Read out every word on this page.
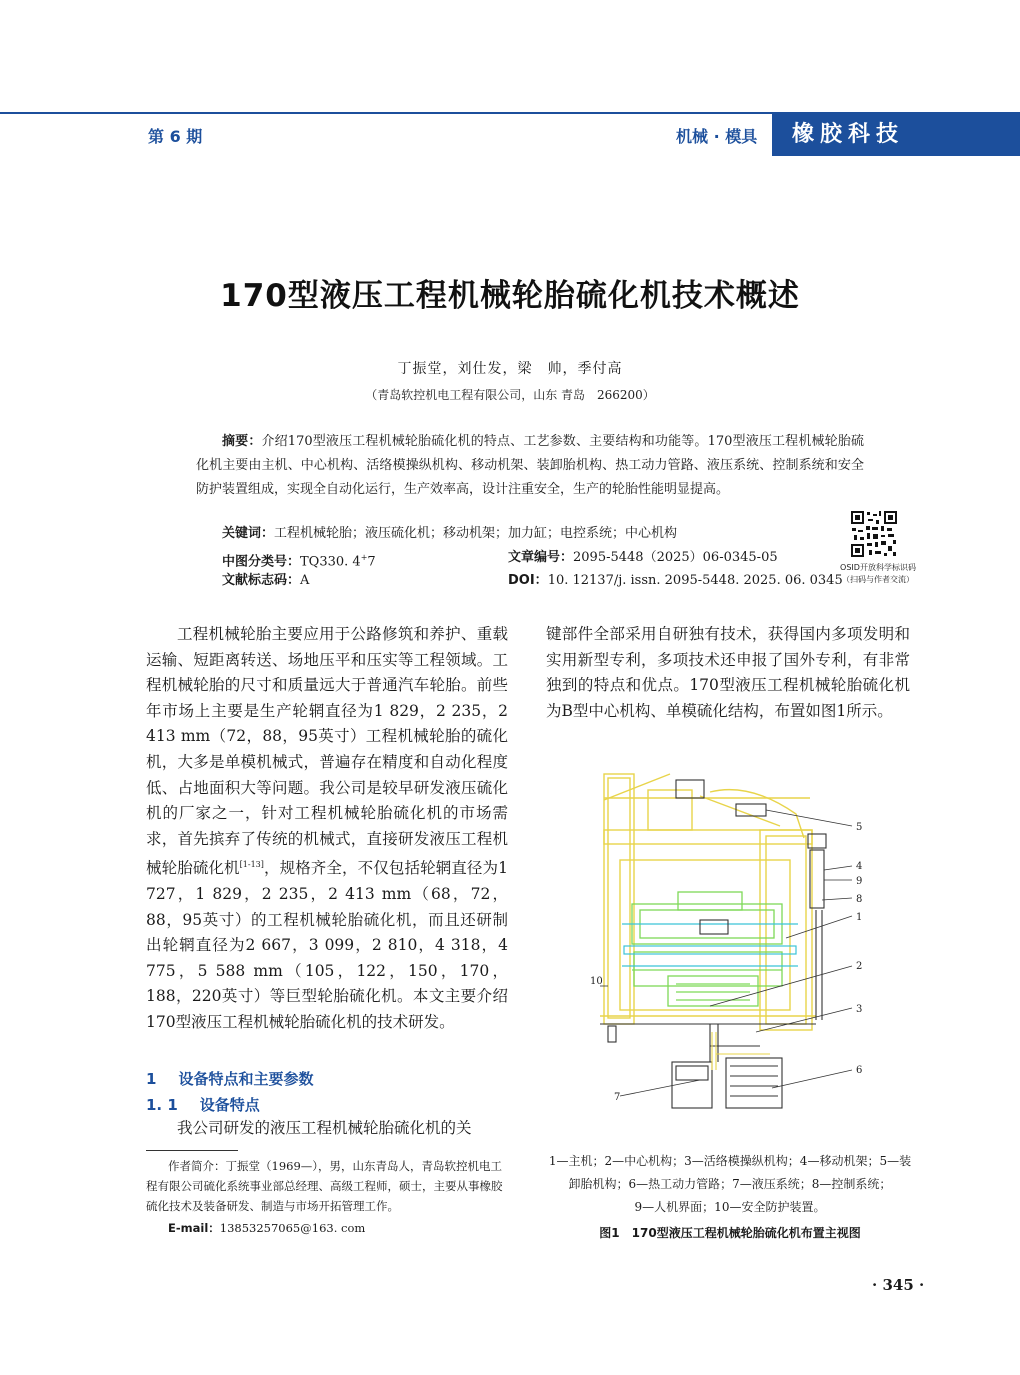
第 6 期	机械 · 模具	橡胶科技
170型液压工程机械轮胎硫化机技术概述
丁振堂，刘仕发，梁　帅，季付高
（青岛软控机电工程有限公司，山东 青岛　266200）
摘要：介绍170型液压工程机械轮胎硫化机的特点、工艺参数、主要结构和功能等。170型液压工程机械轮胎硫化机主要由主机、中心机构、活络模操纵机构、移动机架、装卸胎机构、热工动力管路、液压系统、控制系统和安全防护装置组成，实现全自动化运行，生产效率高，设计注重安全，生产的轮胎性能明显提高。
关键词：工程机械轮胎；液压硫化机；移动机架；加力缸；电控系统；中心机构
中图分类号：TQ330. 4+7
文献标志码：A
文章编号：2095-5448（2025）06-0345-05
DOI：10. 12137/j. issn. 2095-5448. 2025. 06. 0345
OSID开放科学标识码
（扫码与作者交流）

工程机械轮胎主要应用于公路修筑和养护、重载运输、短距离转送、场地压平和压实等工程领域。工程机械轮胎的尺寸和质量远大于普通汽车轮胎。前些年市场上主要是生产轮辋直径为1 829，2 235，2 413 mm（72，88，95英寸）工程机械轮胎的硫化机，大多是单模机械式，普遍存在精度和自动化程度低、占地面积大等问题。我公司是较早研发液压硫化机的厂家之一，针对工程机械轮胎硫化机的市场需求，首先摈弃了传统的机械式，直接研发液压工程机械轮胎硫化机[1-13]，规格齐全，不仅包括轮辋直径为1 727，1 829，2 235，2 413 mm（68，72，88，95英寸）的工程机械轮胎硫化机，而且还研制出轮辋直径为2 667，3 099，2 810，4 318，4 775，5 588 mm（105，122，150，170，188，220英寸）等巨型轮胎硫化机。本文主要介绍170型液压工程机械轮胎硫化机的技术研发。

1 设备特点和主要参数
1. 1 设备特点
我公司研发的液压工程机械轮胎硫化机的关
作者简介：丁振堂（1969—），男，山东青岛人，青岛软控机电工程有限公司硫化系统事业部总经理、高级工程师，硕士，主要从事橡胶硫化技术及装备研发、制造与市场开拓管理工作。
E-mail：13853257065@163. com

键部件全部采用自研独有技术，获得国内多项发明和实用新型专利，多项技术还申报了国外专利，有非常独到的特点和优点。170型液压工程机械轮胎硫化机为B型中心机构、单模硫化结构，布置如图1所示。

5
4
9
8
1
2
3
6
10
7
1—主机；2—中心机构；3—活络模操纵机构；4—移动机架；5—装
卸胎机构；6—热工动力管路；7—液压系统；8—控制系统；
9—人机界面；10—安全防护装置。
图1　170型液压工程机械轮胎硫化机布置主视图
· 345 ·
